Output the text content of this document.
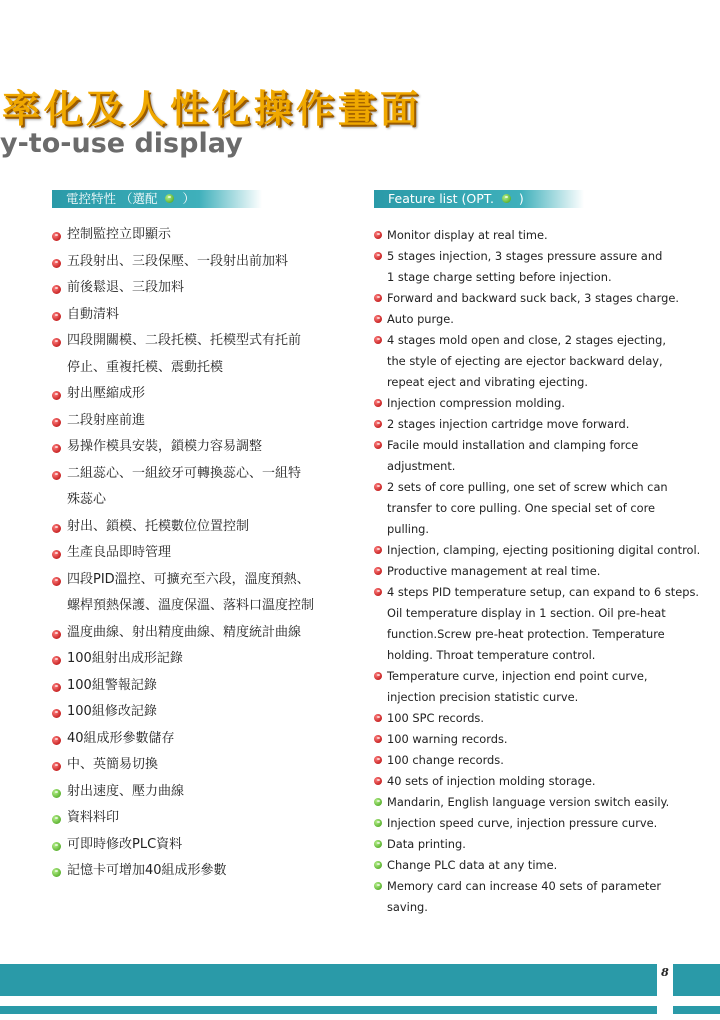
率化及人性化操作畫面
y-to-use display
電控特性 （選配 ）	Feature list (OPT. )
控制監控立即顯示
五段射出、三段保壓、一段射出前加料
前後鬆退、三段加料
自動清料
四段開關模、二段托模、托模型式有托前
停止、重複托模、震動托模
射出壓縮成形
二段射座前進
易操作模具安裝，鎖模力容易調整
二組蕊心、一組絞牙可轉換蕊心、一組特
殊蕊心
射出、鎖模、托模數位位置控制
生產良品即時管理
四段PID溫控、可擴充至六段，溫度預熱、
螺桿預熱保護、溫度保溫、落料口溫度控制
溫度曲線、射出精度曲線、精度統計曲線
100組射出成形記錄
100組警報記錄
100組修改記錄
40組成形參數儲存
中、英簡易切換
射出速度、壓力曲線
資料料印
可即時修改PLC資料
記憶卡可增加40組成形參數
Monitor display at real time.
5 stages injection, 3 stages pressure assure and
1 stage charge setting before injection.
Forward and backward suck back, 3 stages charge.
Auto purge.
4 stages mold open and close, 2 stages ejecting,
the style of ejecting are ejector backward delay,
repeat eject and vibrating ejecting.
Injection compression molding.
2 stages injection cartridge move forward.
Facile mould installation and clamping force
adjustment.
2 sets of core pulling, one set of screw which can
transfer to core pulling. One special set of core
pulling.
Injection, clamping, ejecting positioning digital control.
Productive management at real time.
4 steps PID temperature setup, can expand to 6 steps.
Oil temperature display in 1 section. Oil pre-heat
function.Screw pre-heat protection. Temperature
holding. Throat temperature control.
Temperature curve, injection end point curve,
injection precision statistic curve.
100 SPC records.
100 warning records.
100 change records.
40 sets of injection molding storage.
Mandarin, English language version switch easily.
Injection speed curve, injection pressure curve.
Data printing.
Change PLC data at any time.
Memory card can increase 40 sets of parameter
saving.
8
